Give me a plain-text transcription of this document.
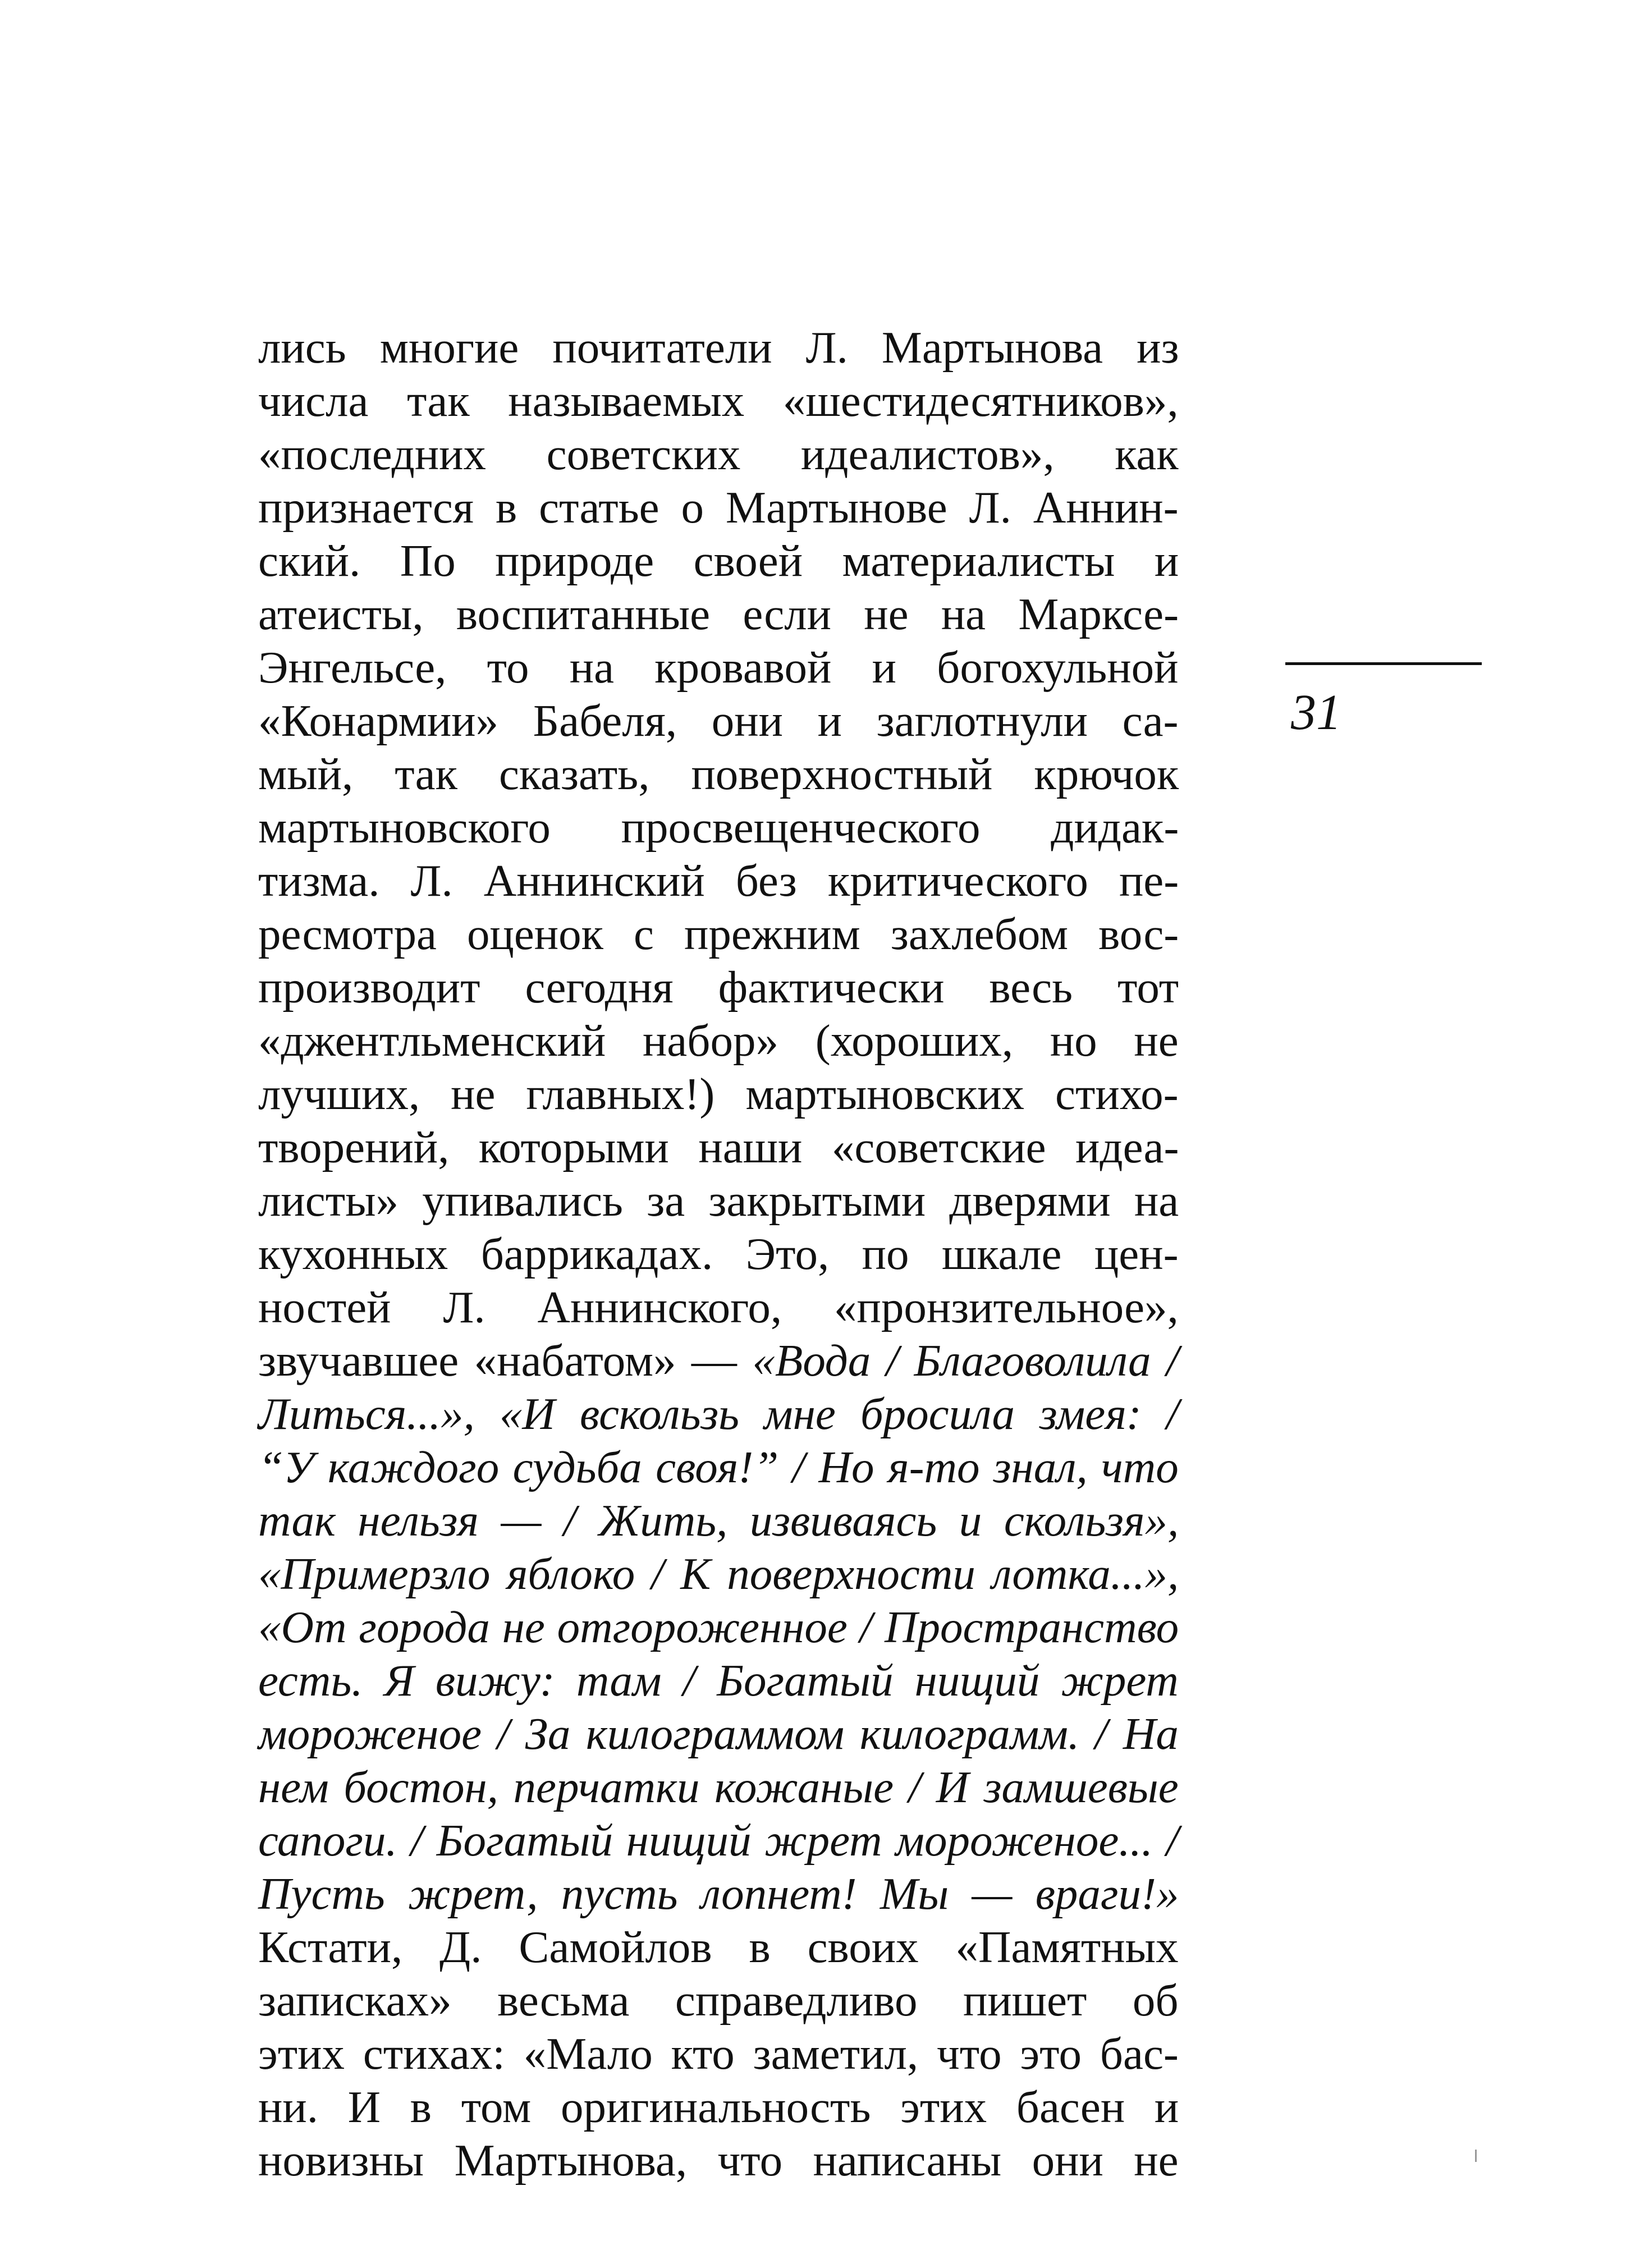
лись многие почитатели Л. Мартынова из
числа так называемых «шестидесятников»,
«последних советских идеалистов», как
признается в статье о Мартынове Л. Аннин-
ский. По природе своей материалисты и
атеисты, воспитанные если не на Марксе-
Энгельсе, то на кровавой и богохульной
«Конармии» Бабеля, они и заглотнули са-
мый, так сказать, поверхностный крючок
мартыновского просвещенческого дидак-
тизма. Л. Аннинский без критического пе-
ресмотра оценок с прежним захлебом вос-
производит сегодня фактически весь тот
«джентльменский набор» (хороших, но не
лучших, не главных!) мартыновских стихо-
творений, которыми наши «советские идеа-
листы» упивались за закрытыми дверями на
кухонных баррикадах. Это, по шкале цен-
ностей Л. Аннинского, «пронзительное»,
звучавшее «набатом» — «Вода / Благоволила /
Литься...», «И вскользь мне бросила змея: /
“У каждого судьба своя!” / Но я-то знал, что
так нельзя — / Жить, извиваясь и скользя»,
«Примерзло яблоко / К поверхности лотка...»,
«От города не отгороженное / Пространство
есть. Я вижу: там / Богатый нищий жрет
мороженое / За килограммом килограмм. / На
нем бостон, перчатки кожаные / И замшевые
сапоги. / Богатый нищий жрет мороженое... /
Пусть жрет, пусть лопнет! Мы — враги!»
Кстати, Д. Самойлов в своих «Памятных
записках» весьма справедливо пишет об
этих стихах: «Мало кто заметил, что это бас-
ни. И в том оригинальность этих басен и
новизны Мартынова, что написаны они не
31
